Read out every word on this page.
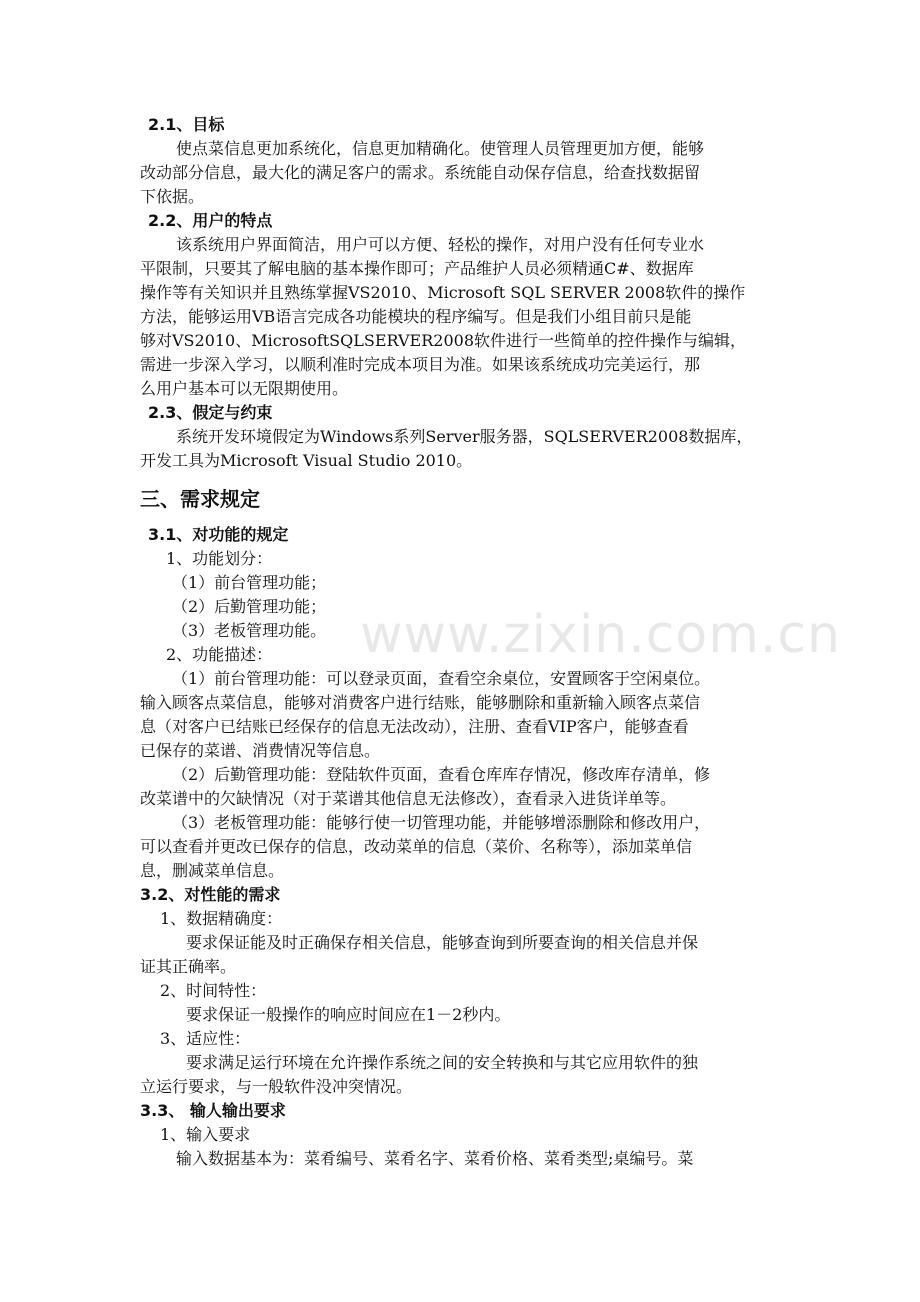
www.zixin.com.cn
2.1、目标
使点菜信息更加系统化，信息更加精确化。使管理人员管理更加方便，能够
改动部分信息，最大化的满足客户的需求。系统能自动保存信息，给查找数据留
下依据。
2.2、用户的特点
该系统用户界面简洁，用户可以方便、轻松的操作，对用户没有任何专业水
平限制，只要其了解电脑的基本操作即可；产品维护人员必须精通C#、数据库
操作等有关知识并且熟练掌握VS2010、Microsoft SQL SERVER 2008软件的操作
方法，能够运用VB语言完成各功能模块的程序编写。但是我们小组目前只是能
够对VS2010、MicrosoftSQLSERVER2008软件进行一些简单的控件操作与编辑，
需进一步深入学习，以顺利准时完成本项目为准。如果该系统成功完美运行，那
么用户基本可以无限期使用。
2.3、假定与约束
系统开发环境假定为Windows系列Server服务器，SQLSERVER2008数据库，
开发工具为Microsoft Visual Studio 2010。
三、需求规定
3.1、对功能的规定
1、功能划分：
（1）前台管理功能；
（2）后勤管理功能；
（3）老板管理功能。
2、功能描述：
（1）前台管理功能：可以登录页面，查看空余桌位，安置顾客于空闲桌位。
输入顾客点菜信息，能够对消费客户进行结账，能够删除和重新输入顾客点菜信
息（对客户已结账已经保存的信息无法改动），注册、查看VIP客户，能够查看
已保存的菜谱、消费情况等信息。
（2）后勤管理功能：登陆软件页面，查看仓库库存情况，修改库存清单，修
改菜谱中的欠缺情况（对于菜谱其他信息无法修改），查看录入进货详单等。
（3）老板管理功能：能够行使一切管理功能，并能够增添删除和修改用户，
可以查看并更改已保存的信息，改动菜单的信息（菜价、名称等），添加菜单信
息，删减菜单信息。
3.2、对性能的需求
1、数据精确度：
要求保证能及时正确保存相关信息，能够查询到所要查询的相关信息并保
证其正确率。
2、时间特性：
要求保证一般操作的响应时间应在1－2秒内。
3、适应性：
要求满足运行环境在允许操作系统之间的安全转换和与其它应用软件的独
立运行要求，与一般软件没冲突情况。
3.3、 输人输出要求
1、输入要求
输入数据基本为：菜肴编号、菜肴名字、菜肴价格、菜肴类型;桌编号。菜
